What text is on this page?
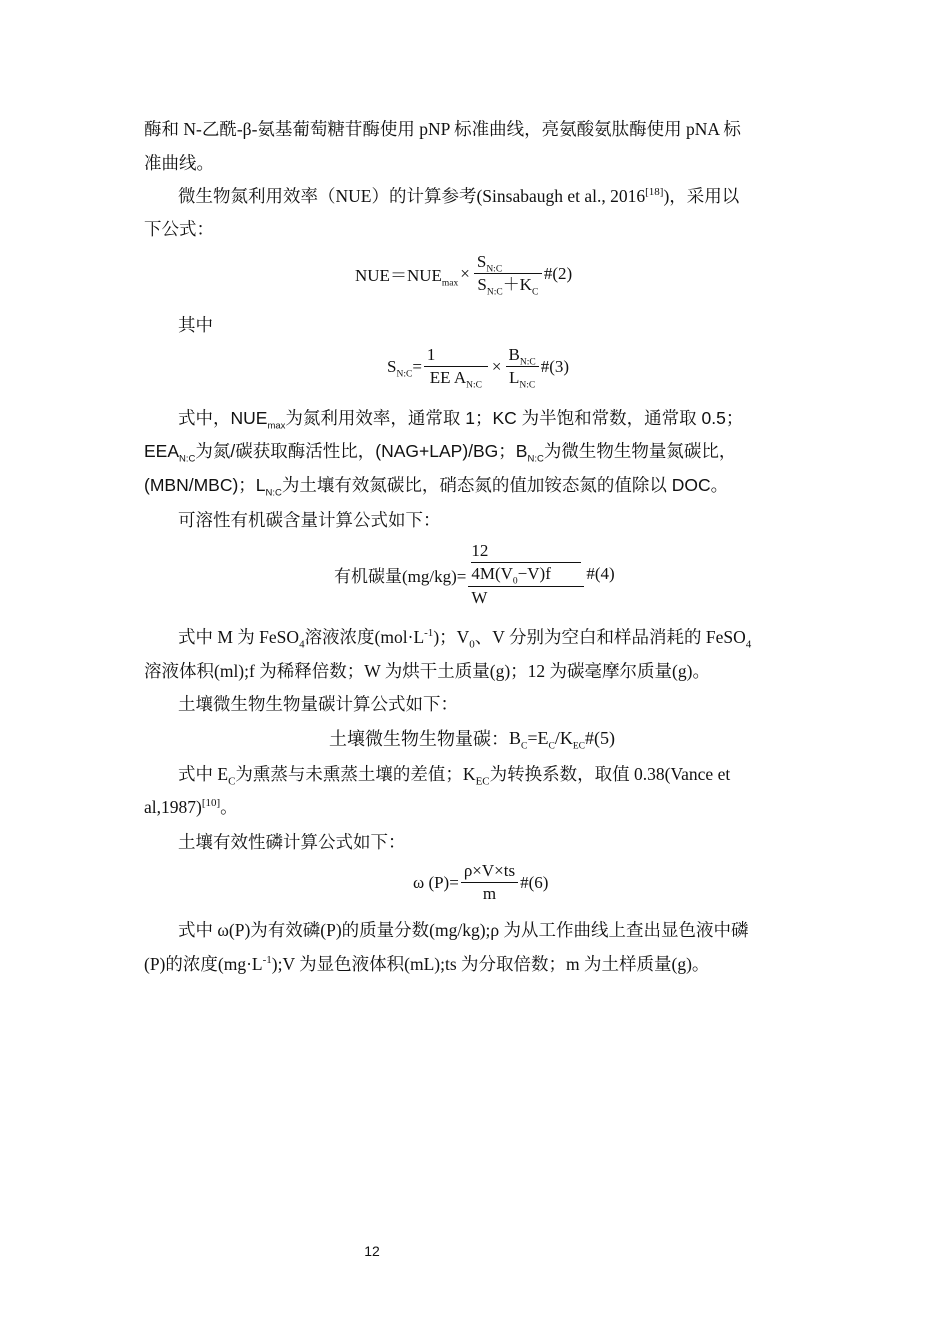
酶和 N-乙酰-β-氨基葡萄糖苷酶使用 pNP 标准曲线，亮氨酸氨肽酶使用 pNA 标
准曲线。
微生物氮利用效率（NUE）的计算参考(Sinsabaugh et al., 2016[18])，采用以
下公式：
$NUE=NUE_{max}$
× $\frac{S_{N:C}}{S_{N:C}+K_C}$ #(2)
其中
$S_{N:C} = \frac{1}{EE A_{N:C}} \times \frac{B_{N:C}}{L_{N:C}}$ #(3)
式中，$NUE_{max}$为氮利用效率，通常取 1；KC 为半饱和常数，通常取 0.5；
$EEA_{N:C}$为氮/碳获取酶活性比，(NAG+LAP)/BG；$B_{N:C}$为微生物生物量氮碳比，
(MBN/MBC)；$L_{N:C}$为土壤有效氮碳比，硝态氮的值加铵态氮的值除以 DOC。
可溶性有机碳含量计算公式如下：
有机碳量(mg/kg)= 12
$4M(V_0-V)f$
W #(4)
式中 M 为 FeSO$_4$溶液浓度$(mol\cdot L^{-1})$；$V_0$、V 分别为空白和样品消耗的 FeSO$_4$
溶液体积(ml);f 为稀释倍数；W 为烘干土质量(g)；12 为碳毫摩尔质量(g)。
土壤微生物生物量碳计算公式如下：
土壤微生物生物量碳： $B_C=E_C/K_{EC}$ #(5)
式中 $E_C$为熏蒸与未熏蒸土壤的差值；$K_{EC}$为转换系数，取值 0.38(Vance et
al,1987)[10]。
土壤有效性磷计算公式如下：
ω $(P)= \frac{\rho\times V\times ts}{m}$ #(6)
式中 ω(P)为有效磷(P)的质量分数(mg/kg);ρ 为从工作曲线上查出显色液中磷
(P)的浓度$(mg\cdot L^{-1});V$ 为显色液体积(mL);ts 为分取倍数；m 为土样质量(g)。
12
